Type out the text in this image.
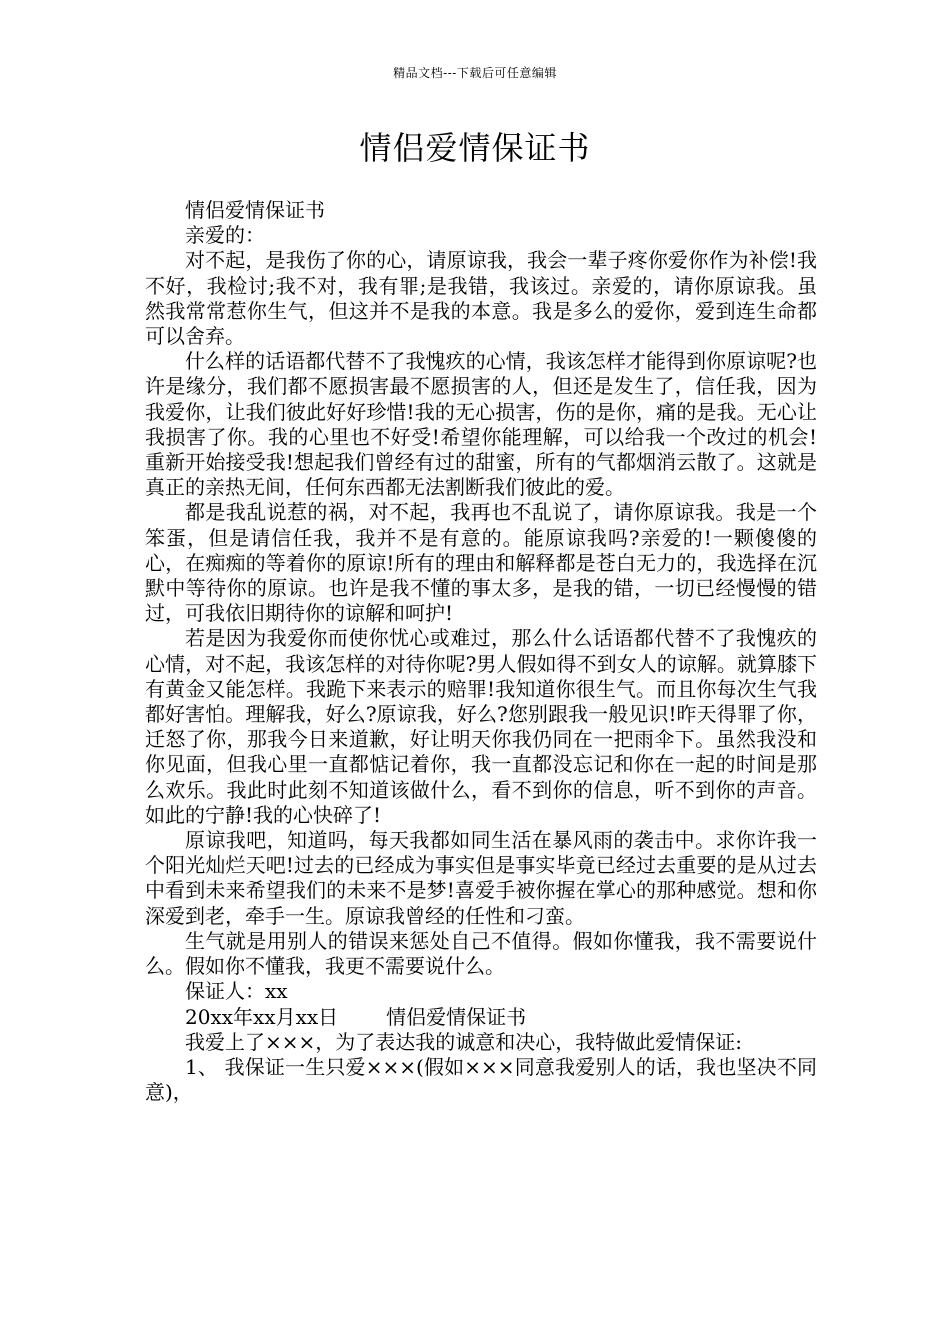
精品文档---下载后可任意编辑
情侣爱情保证书

情侣爱情保证书

亲爱的：

对不起，是我伤了你的心，请原谅我，我会一辈子疼你爱你作为补偿!我不好，我检讨;我不对，我有罪;是我错，我该过。亲爱的，请你原谅我。虽然我常常惹你生气，但这并不是我的本意。我是多么的爱你，爱到连生命都可以舍弃。

什么样的话语都代替不了我愧疚的心情，我该怎样才能得到你原谅呢?也许是缘分，我们都不愿损害最不愿损害的人，但还是发生了，信任我，因为我爱你，让我们彼此好好珍惜!我的无心损害，伤的是你，痛的是我。无心让我损害了你。我的心里也不好受!希望你能理解，可以给我一个改过的机会!重新开始接受我!想起我们曾经有过的甜蜜，所有的气都烟消云散了。这就是真正的亲热无间，任何东西都无法割断我们彼此的爱。

都是我乱说惹的祸，对不起，我再也不乱说了，请你原谅我。我是一个笨蛋，但是请信任我，我并不是有意的。能原谅我吗?亲爱的!一颗傻傻的心，在痴痴的等着你的原谅!所有的理由和解释都是苍白无力的，我选择在沉默中等待你的原谅。也许是我不懂的事太多，是我的错，一切已经慢慢的错过，可我依旧期待你的谅解和呵护!

若是因为我爱你而使你忧心或难过，那么什么话语都代替不了我愧疚的心情，对不起，我该怎样的对待你呢?男人假如得不到女人的谅解。就算膝下有黄金又能怎样。我跪下来表示的赔罪!我知道你很生气。而且你每次生气我都好害怕。理解我，好么?原谅我，好么?您别跟我一般见识!昨天得罪了你，迁怒了你，那我今日来道歉，好让明天你我仍同在一把雨伞下。虽然我没和你见面，但我心里一直都惦记着你，我一直都没忘记和你在一起的时间是那么欢乐。我此时此刻不知道该做什么，看不到你的信息，听不到你的声音。如此的宁静!我的心快碎了!

原谅我吧，知道吗，每天我都如同生活在暴风雨的袭击中。求你许我一个阳光灿烂天吧!过去的已经成为事实但是事实毕竟已经过去重要的是从过去中看到未来希望我们的未来不是梦!喜爱手被你握在掌心的那种感觉。想和你深爱到老，牵手一生。原谅我曾经的任性和刁蛮。

生气就是用别人的错误来惩处自己不值得。假如你懂我，我不需要说什么。假如你不懂我，我更不需要说什么。

保证人：xx

20xx年xx月xx日 情侣爱情保证书

我爱上了×××，为了表达我的诚意和决心，我特做此爱情保证:

1、 我保证一生只爱×××(假如×××同意我爱别人的话，我也坚决不同意)，
